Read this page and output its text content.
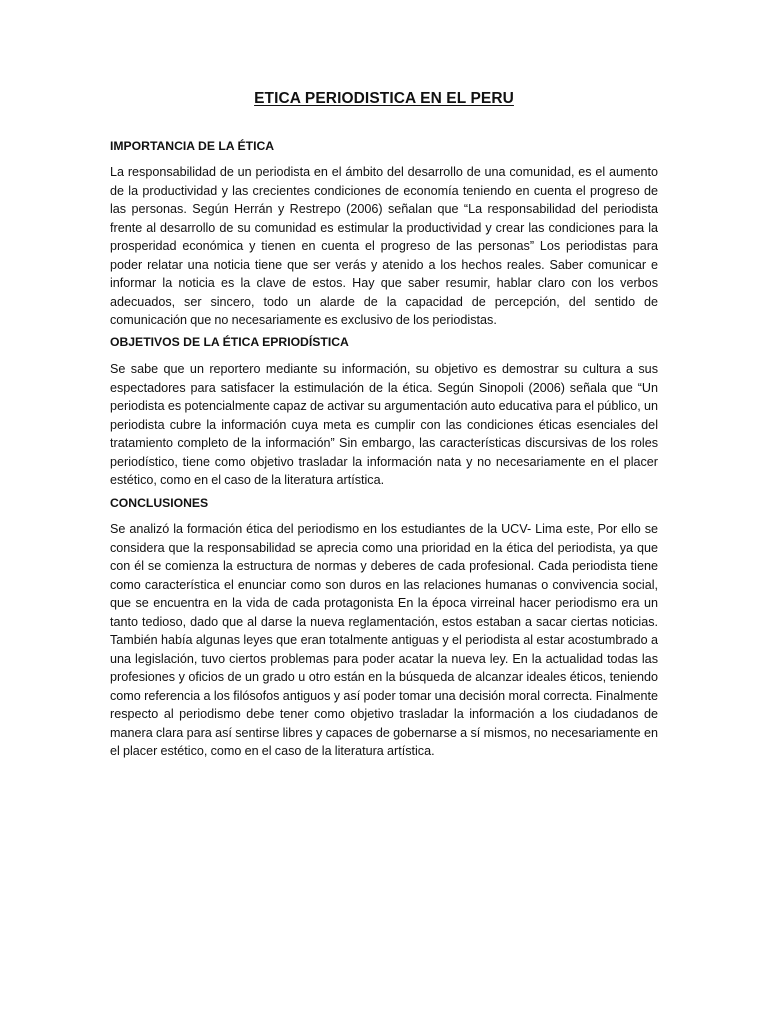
ETICA PERIODISTICA EN EL PERU
IMPORTANCIA DE LA ÉTICA

La responsabilidad de un periodista en el ámbito del desarrollo de una comunidad, es el aumento de la productividad y las crecientes condiciones de economía teniendo en cuenta el progreso de las personas. Según Herrán y Restrepo (2006) señalan que “La responsabilidad del periodista frente al desarrollo de su comunidad es estimular la productividad y crear las condiciones para la prosperidad económica y tienen en cuenta el progreso de las personas” Los periodistas para poder relatar una noticia tiene que ser verás y atenido a los hechos reales. Saber comunicar e informar la noticia es la clave de estos. Hay que saber resumir, hablar claro con los verbos adecuados, ser sincero, todo un alarde de la capacidad de percepción, del sentido de comunicación que no necesariamente es exclusivo de los periodistas.

OBJETIVOS DE LA ÉTICA EPRIODÍSTICA

Se sabe que un reportero mediante su información, su objetivo es demostrar su cultura a sus espectadores para satisfacer la estimulación de la ética. Según Sinopoli (2006) señala que “Un periodista es potencialmente capaz de activar su argumentación auto educativa para el público, un periodista cubre la información cuya meta es cumplir con las condiciones éticas esenciales del tratamiento completo de la información” Sin embargo, las características discursivas de los roles periodístico, tiene como objetivo trasladar la información nata y no necesariamente en el placer estético, como en el caso de la literatura artística.

CONCLUSIONES

Se analizó la formación ética del periodismo en los estudiantes de la UCV- Lima este, Por ello se considera que la responsabilidad se aprecia como una prioridad en la ética del periodista, ya que con él se comienza la estructura de normas y deberes de cada profesional. Cada periodista tiene como característica el enunciar como son duros en las relaciones humanas o convivencia social, que se encuentra en la vida de cada protagonista En la época virreinal hacer periodismo era un tanto tedioso, dado que al darse la nueva reglamentación, estos estaban a sacar ciertas noticias. También había algunas leyes que eran totalmente antiguas y el periodista al estar acostumbrado a una legislación, tuvo ciertos problemas para poder acatar la nueva ley. En la actualidad todas las profesiones y oficios de un grado u otro están en la búsqueda de alcanzar ideales éticos, teniendo como referencia a los filósofos antiguos y así poder tomar una decisión moral correcta. Finalmente respecto al periodismo debe tener como objetivo trasladar la información a los ciudadanos de manera clara para así sentirse libres y capaces de gobernarse a sí mismos, no necesariamente en el placer estético, como en el caso de la literatura artística.
